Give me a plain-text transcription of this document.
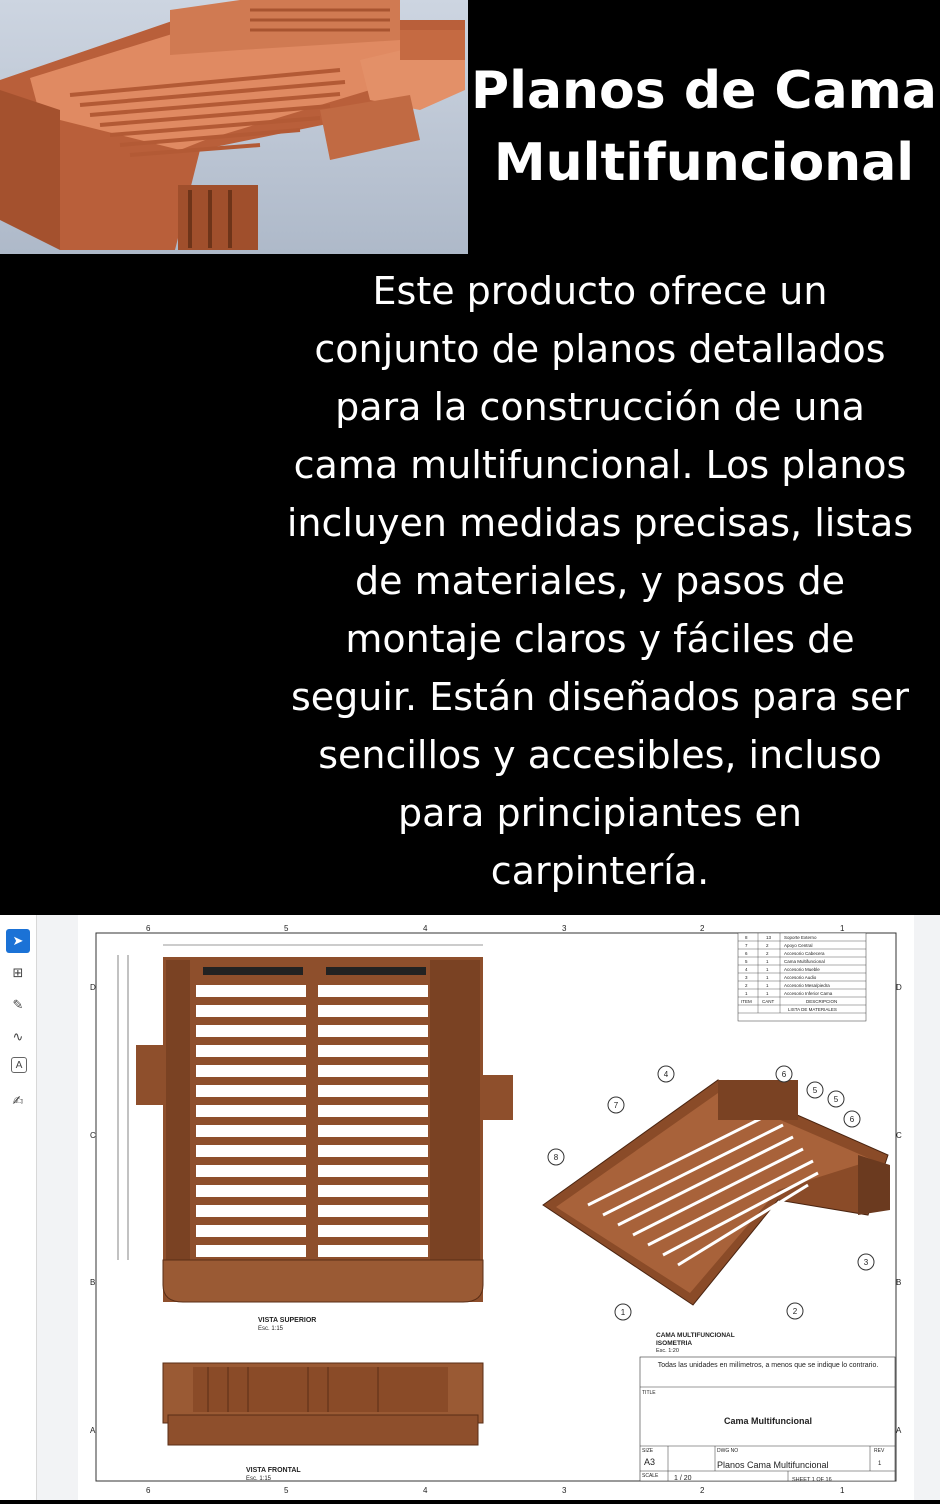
Planos de Cama
Multifuncional
Este producto ofrece un
conjunto de planos detallados
para la construcción de una
cama multifuncional. Los planos
incluyen medidas precisas, listas
de materiales, y pasos de
montaje claros y fáciles de
seguir. Están diseñados para ser
sencillos y accesibles, incluso
para principiantes en
carpintería.
➤
⊞
✎
∿
A
✍
6	5	4	3	2	1
6	5	4	3	2	1
D
C
B
A
D
C
B
A
VISTA SUPERIOR
Esc. 1:15
VISTA FRONTAL
Esc. 1:15
CAMA MULTIFUNCIONAL
ISOMETRIA
Esc. 1:20
4	6
5
5
7
6
8
3
1	2
8	13	Soporte Externo
7	2	Apoyo Central
6	2	Accesorio Cabecera
5	1	Cama Multifuncional
4	1	Accesorio Mueble
3	1	Accesorio Audio
2	1	Accesorio Mesa/piedra
1	1	Accesorio Inferior Cama
ITEM CANT	DESCRIPCION
LISTA DE MATERIALES
Todas las unidades en milímetros, a menos que se indique lo contrario.
TITLE
Cama Multifuncional
SIZE
A3
DWG NO
Planos Cama Multifuncional
REV
1
SCALE 1 / 20	SHEET 1 OF 16
